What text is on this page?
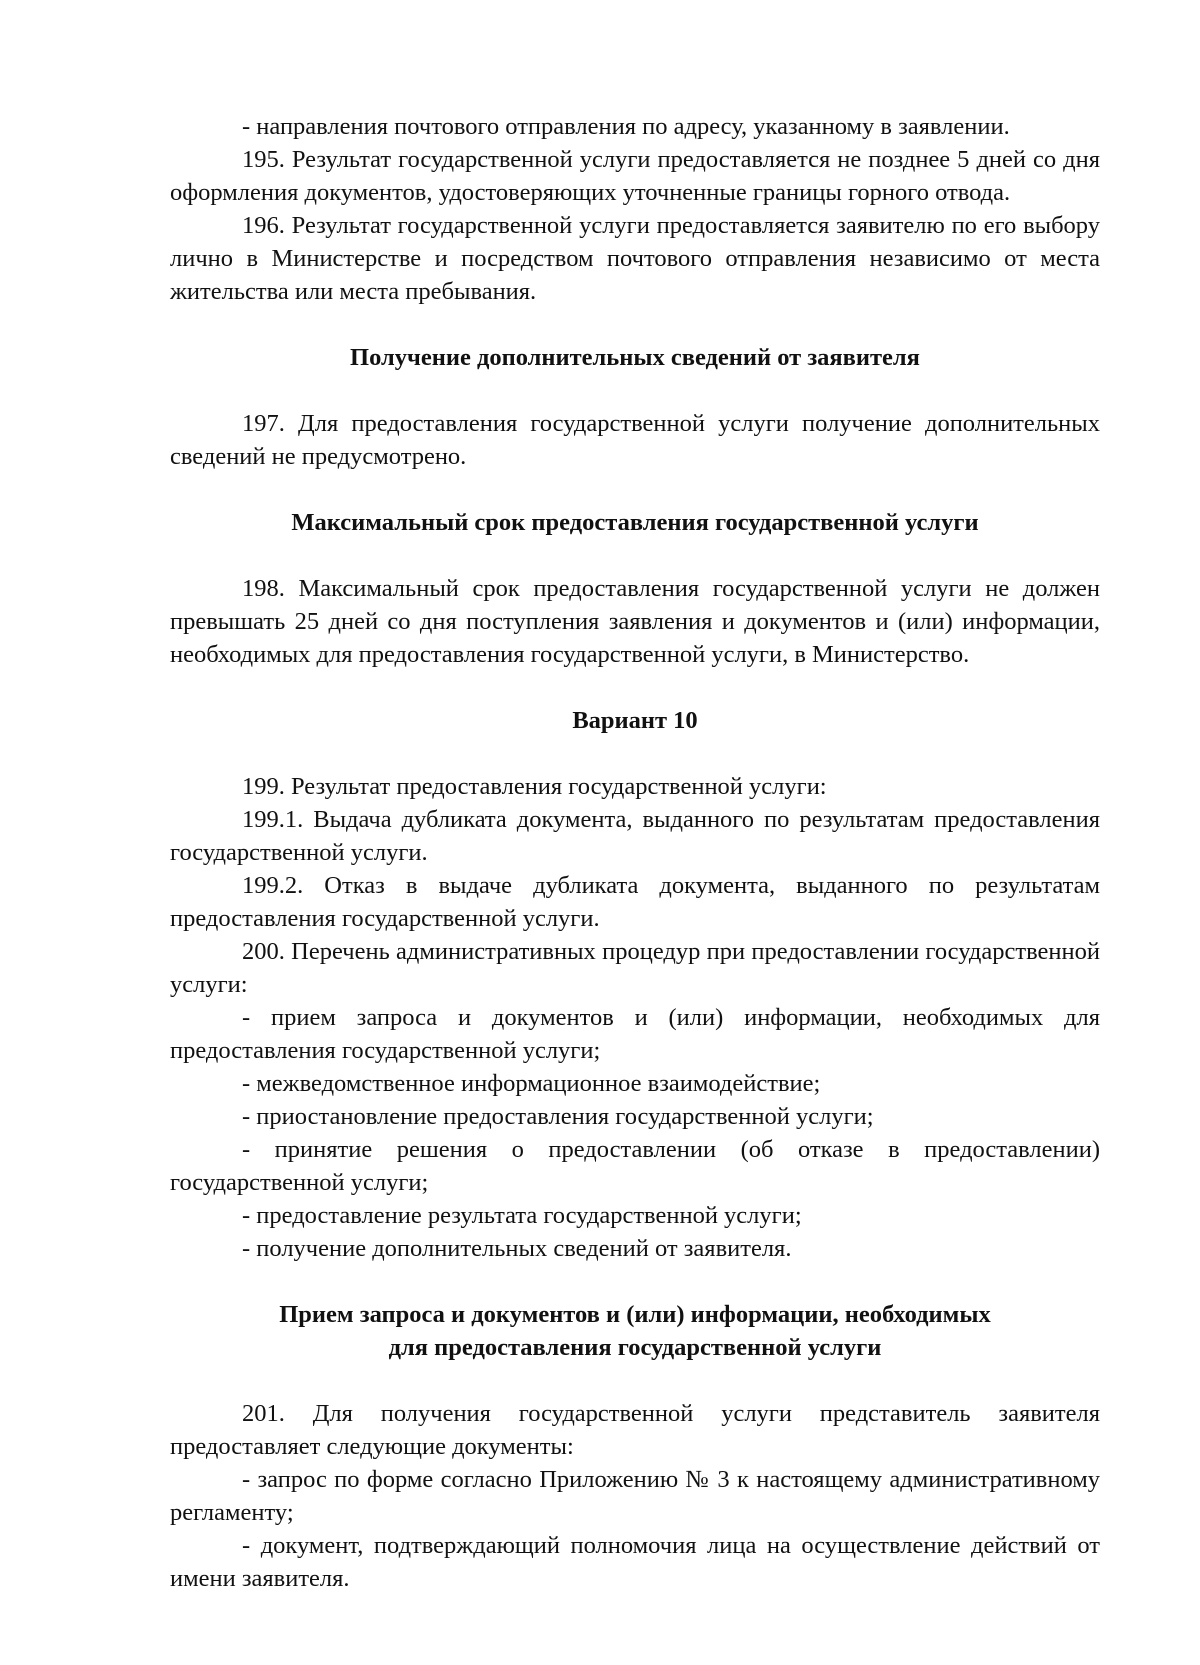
- направления почтового отправления по адресу, указанному в заявлении.

195. Результат государственной услуги предоставляется не позднее 5 дней со дня оформления документов, удостоверяющих уточненные границы горного отвода.

196. Результат государственной услуги предоставляется заявителю по его выбору лично в Министерстве и посредством почтового отправления независимо от места жительства или места пребывания.

Получение дополнительных сведений от заявителя

197. Для предоставления государственной услуги получение дополнительных сведений не предусмотрено.

Максимальный срок предоставления государственной услуги

198. Максимальный срок предоставления государственной услуги не должен превышать 25 дней со дня поступления заявления и документов и (или) информации, необходимых для предоставления государственной услуги, в Министерство.

Вариант 10

199. Результат предоставления государственной услуги:

199.1. Выдача дубликата документа, выданного по результатам предоставления государственной услуги.

199.2. Отказ в выдаче дубликата документа, выданного по результатам предоставления государственной услуги.

200. Перечень административных процедур при предоставлении государственной услуги:

- прием запроса и документов и (или) информации, необходимых для предоставления государственной услуги;

- межведомственное информационное взаимодействие;

- приостановление предоставления государственной услуги;

- принятие решения о предоставлении (об отказе в предоставлении) государственной услуги;

- предоставление результата государственной услуги;

- получение дополнительных сведений от заявителя.

Прием запроса и документов и (или) информации, необходимых
для предоставления государственной услуги

201. Для получения государственной услуги представитель заявителя предоставляет следующие документы:

- запрос по форме согласно Приложению № 3 к настоящему административному регламенту;

- документ, подтверждающий полномочия лица на осуществление действий от имени заявителя.
